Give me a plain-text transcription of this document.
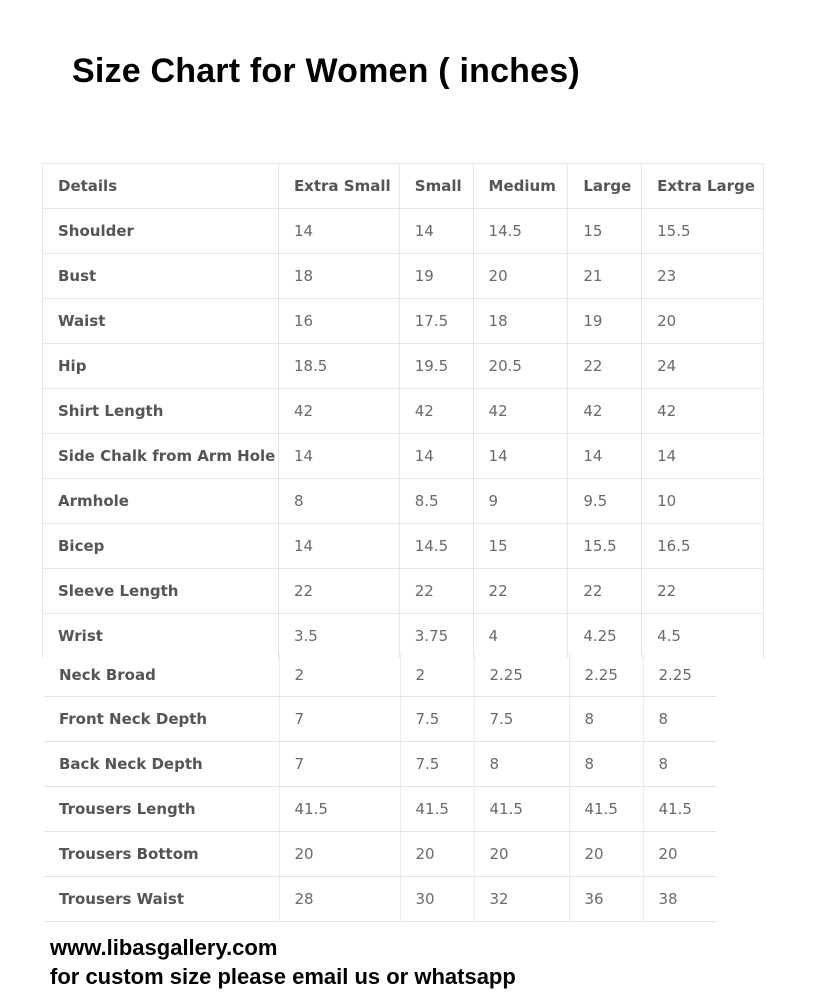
Size Chart for Women ( inches)
Details	Extra Small	Small	Medium	Large	Extra Large
Shoulder	14	14	14.5	15	15.5
Bust	18	19	20	21	23
Waist	16	17.5	18	19	20
Hip	18.5	19.5	20.5	22	24
Shirt Length	42	42	42	42	42
Side Chalk from Arm Hole	14	14	14	14	14
Armhole	8	8.5	9	9.5	10
Bicep	14	14.5	15	15.5	16.5
Sleeve Length	22	22	22	22	22
Wrist	3.5	3.75	4	4.25	4.5
Neck Broad	2	2	2.25	2.25	2.25
Front Neck Depth	7	7.5	7.5	8	8
Back Neck Depth	7	7.5	8	8	8
Trousers Length	41.5	41.5	41.5	41.5	41.5
Trousers Bottom	20	20	20	20	20
Trousers Waist	28	30	32	36	38

www.libasgallery.com

for custom size please email us or whatsapp
